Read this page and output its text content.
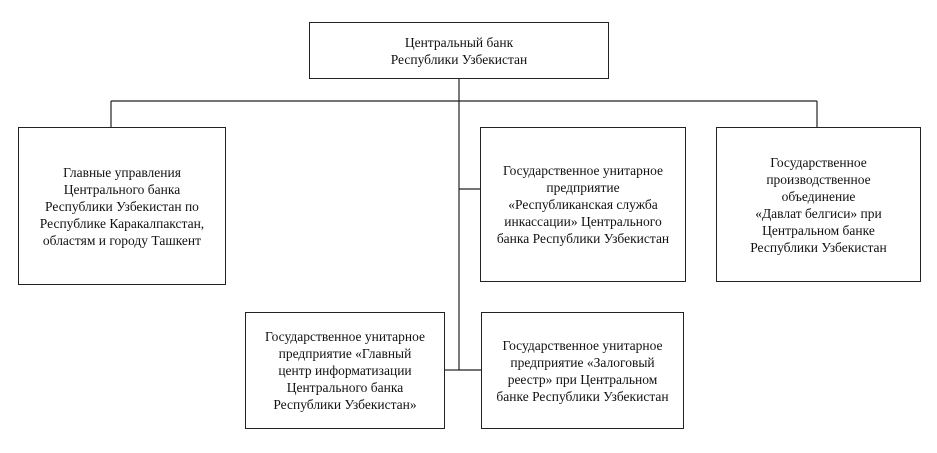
Центральный банк
Республики Узбекистан
Главные управления
Центрального банка
Республики Узбекистан по
Республике Каракалпакстан,
областям и городу Ташкент
Государственное унитарное
предприятие
«Республиканская служба
инкассации» Центрального
банка Республики Узбекистан
Государственное
производственное
объединение
«Давлат белгиси» при
Центральном банке
Республики Узбекистан
Государственное унитарное
предприятие «Главный
центр информатизации
Центрального банка
Республики Узбекистан»
Государственное унитарное
предприятие «Залоговый
реестр» при Центральном
банке Республики Узбекистан
